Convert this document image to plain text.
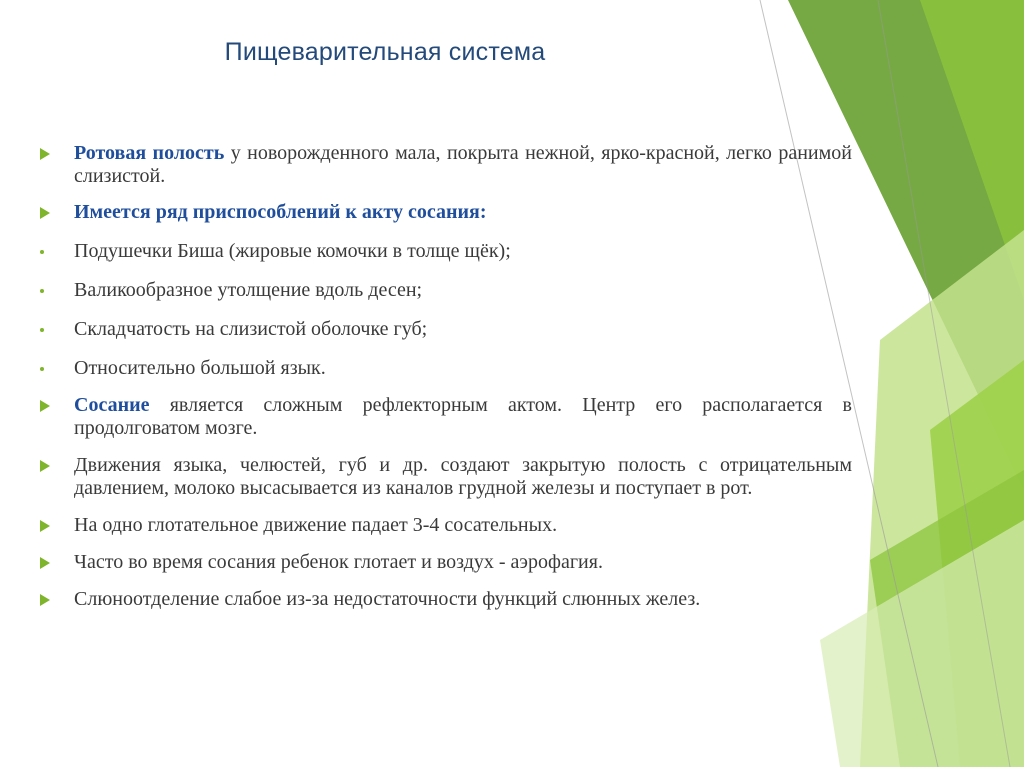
Пищеварительная система
Ротовая полость у новорожденного мала, покрыта нежной, ярко-красной, легко ранимой слизистой.
Имеется ряд приспособлений к акту сосания:
Подушечки Биша (жировые комочки в толще щёк);
Валикообразное утолщение вдоль десен;
Складчатость на слизистой оболочке губ;
Относительно большой язык.
Сосание является сложным рефлекторным актом. Центр его располагается в продолговатом мозге.
Движения языка, челюстей, губ и др. создают закрытую полость с отрицательным давлением, молоко высасывается из каналов грудной железы и поступает в рот.
На одно глотательное движение падает 3-4 сосательных.
Часто во время сосания ребенок глотает и воздух - аэрофагия.
Слюноотделение слабое из-за недостаточности функций слюнных желез.
